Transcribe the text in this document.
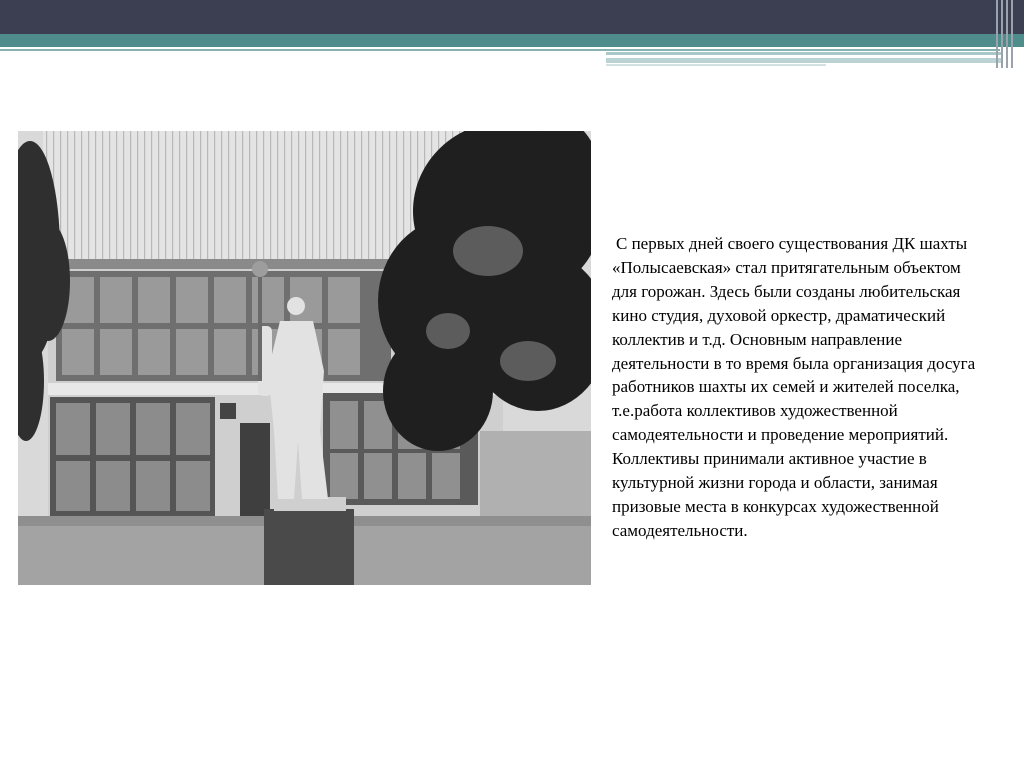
С первых дней своего существования ДК шахты «Полысаевская» стал притягательным объектом для горожан. Здесь были созданы любительская кино студия, духовой оркестр, драматический коллектив и т.д. Основным направление деятельности в то время была организация досуга работников шахты их семей и жителей поселка, т.е.работа коллективов художественной самодеятельности и проведение мероприятий. Коллективы принимали активное участие в культурной жизни города и области, занимая призовые места в конкурсах художественной самодеятельности.
